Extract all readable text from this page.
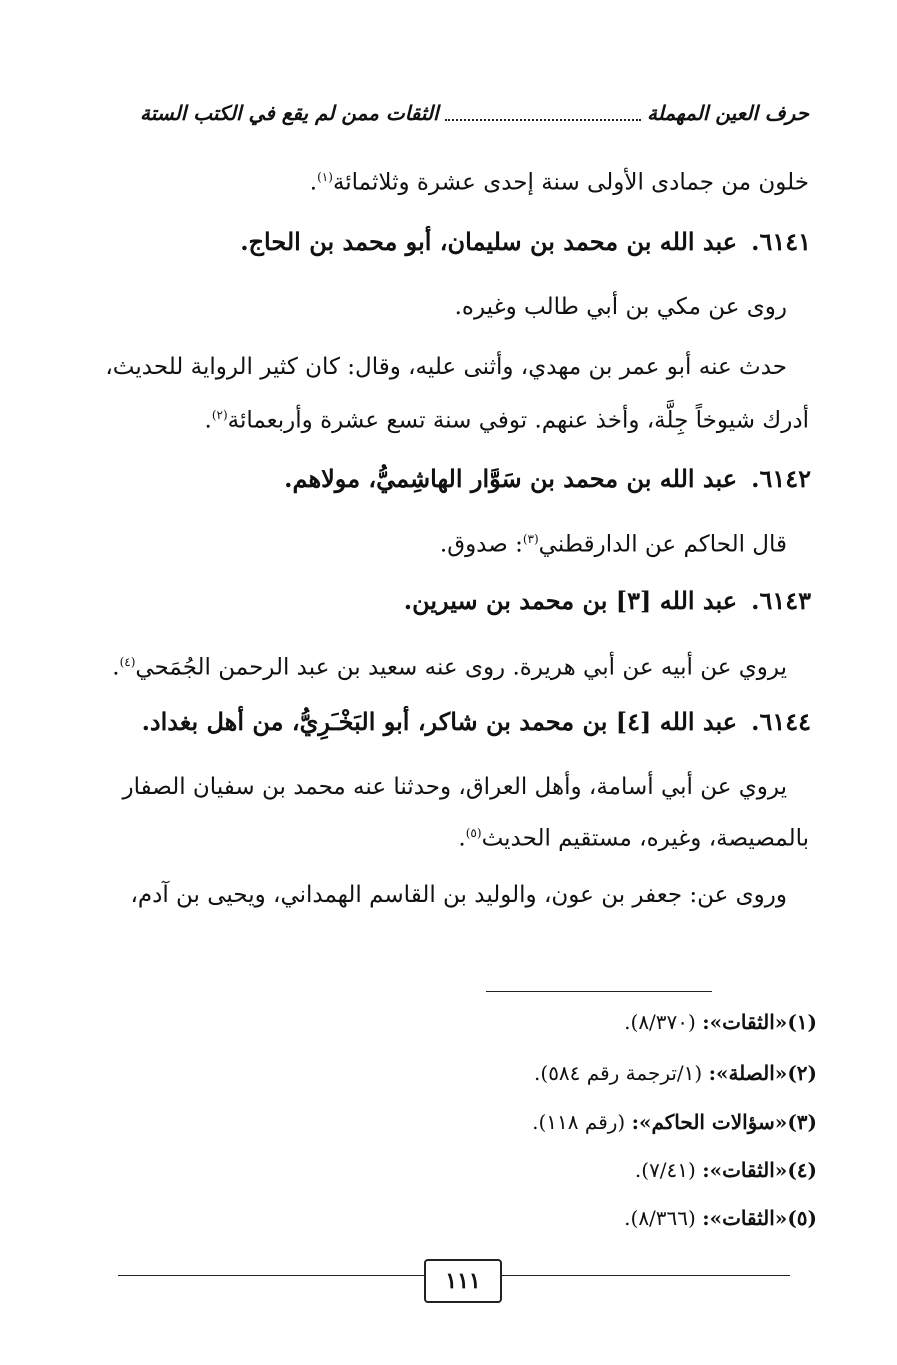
حرف العين المهملة
الثقات ممن لم يقع في الكتب الستة
خلون من جمادى الأولى سنة إحدى عشرة وثلاثمائة$^{(١)}$.
٦١٤١.عبد الله بن محمد بن سليمان، أبو محمد بن الحاج.
روى عن مكي بن أبي طالب وغيره.
حدث عنه أبو عمر بن مهدي، وأثنى عليه، وقال: كان كثير الرواية للحديث،
أدرك شيوخاً جِلَّة، وأخذ عنهم. توفي سنة تسع عشرة وأربعمائة$^{(٢)}$.
٦١٤٢.عبد الله بن محمد بن سَوَّار الهاشِميُّ، مولاهم.
قال الحاكم عن الدارقطني$^{(٣)}$: صدوق.
٦١٤٣.عبد الله [٣] بن محمد بن سيرين.
يروي عن أبيه عن أبي هريرة. روى عنه سعيد بن عبد الرحمن الجُمَحي$^{(٤)}$.
٦١٤٤.عبد الله [٤] بن محمد بن شاكر، أبو البَخْـَرِيُّ، من أهل بغداد.
يروي عن أبي أسامة، وأهل العراق، وحدثنا عنه محمد بن سفيان الصفار
بالمصيصة، وغيره، مستقيم الحديث$^{(٥)}$.
وروى عن: جعفر بن عون، والوليد بن القاسم الهمداني، ويحيى بن آدم،
(١)«الثقات»: (٨/٣٧٠).
(٢)«الصلة»: (١/ترجمة رقم ٥٨٤).
(٣)«سؤالات الحاكم»: (رقم ١١٨).
(٤)«الثقات»: (٧/٤١).
(٥)«الثقات»: (٨/٣٦٦).
١١١
